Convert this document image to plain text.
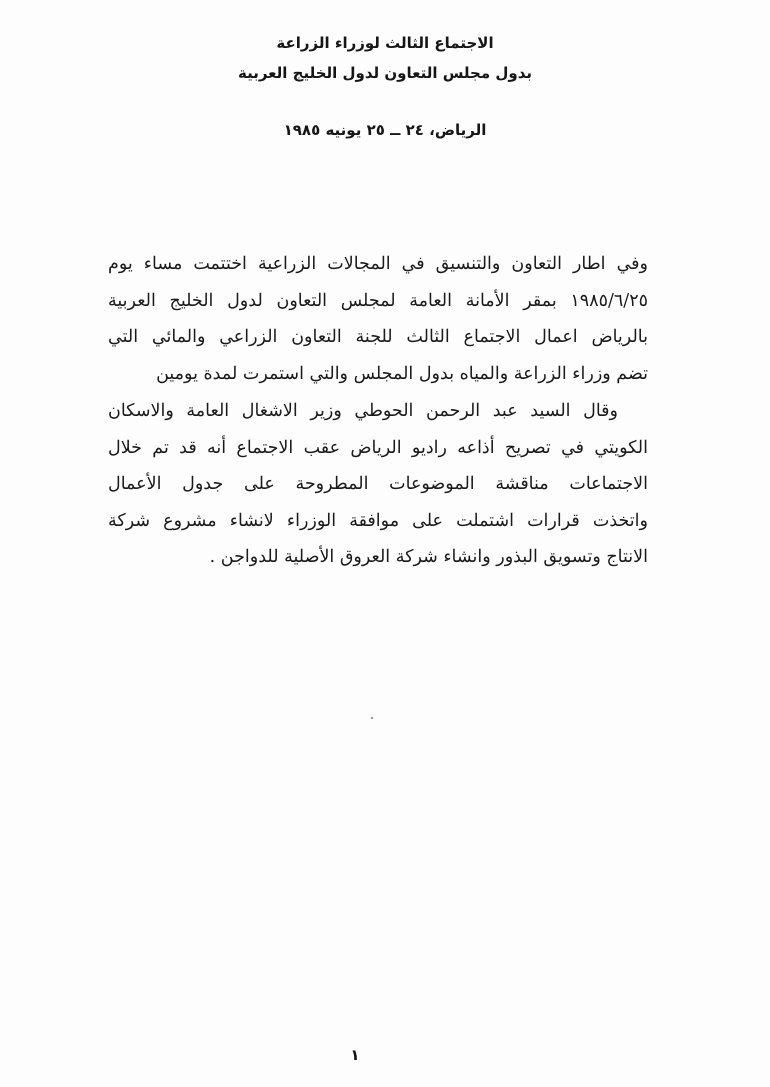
الاجتماع الثالث لوزراء الزراعة
بدول مجلس التعاون لدول الخليج العربية
الرياض، ٢٤ ــ ٢٥ يونيه ١٩٨٥
وفي اطار التعاون والتنسيق في المجالات الزراعية اختتمت مساء يوم
١٩٨٥/٦/٢٥ بمقر الأمانة العامة لمجلس التعاون لدول الخليج العربية
بالرياض اعمال الاجتماع الثالث للجنة التعاون الزراعي والمائي التي
تضم وزراء الزراعة والمياه بدول المجلس والتي استمرت لمدة يومين
وقال السيد عبد الرحمن الحوطي وزير الاشغال العامة والاسكان
الكويتي في تصريح أذاعه راديو الرياض عقب الاجتماع أنه قد تم خلال
الاجتماعات مناقشة الموضوعات المطروحة على جدول الأعمال
واتخذت قرارات اشتملت على موافقة الوزراء لانشاء مشروع شركة
الانتاج وتسويق البذور وانشاء شركة العروق الأصلية للدواجن .
١
